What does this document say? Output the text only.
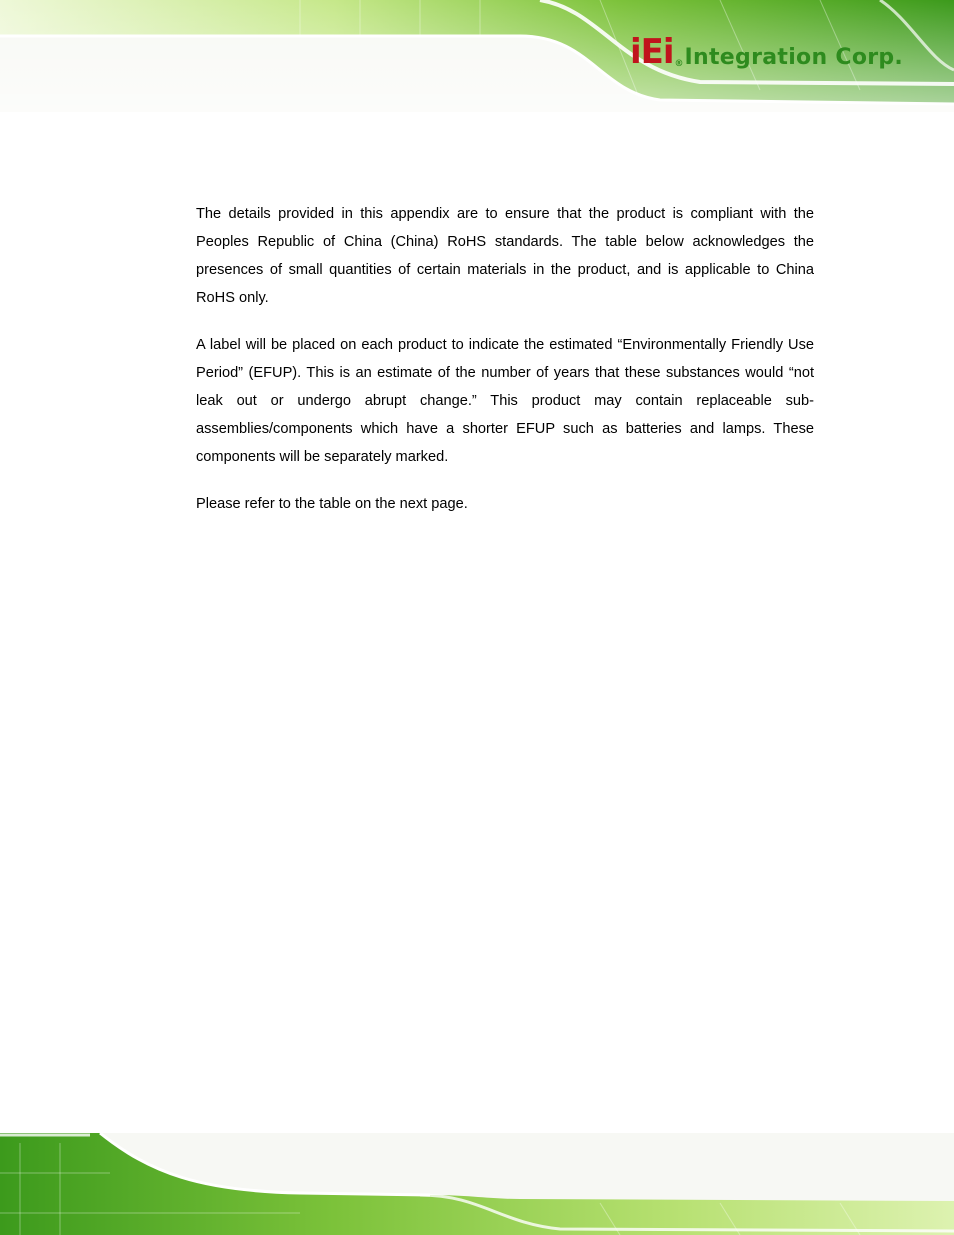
iEi ® Integration Corp.

The details provided in this appendix are to ensure that the product is compliant with the Peoples Republic of China (China) RoHS standards. The table below acknowledges the presences of small quantities of certain materials in the product, and is applicable to China RoHS only.

A label will be placed on each product to indicate the estimated “Environmentally Friendly Use Period” (EFUP). This is an estimate of the number of years that these substances would “not leak out or undergo abrupt change.” This product may contain replaceable sub-assemblies/components which have a shorter EFUP such as batteries and lamps. These components will be separately marked.

Please refer to the table on the next page.
